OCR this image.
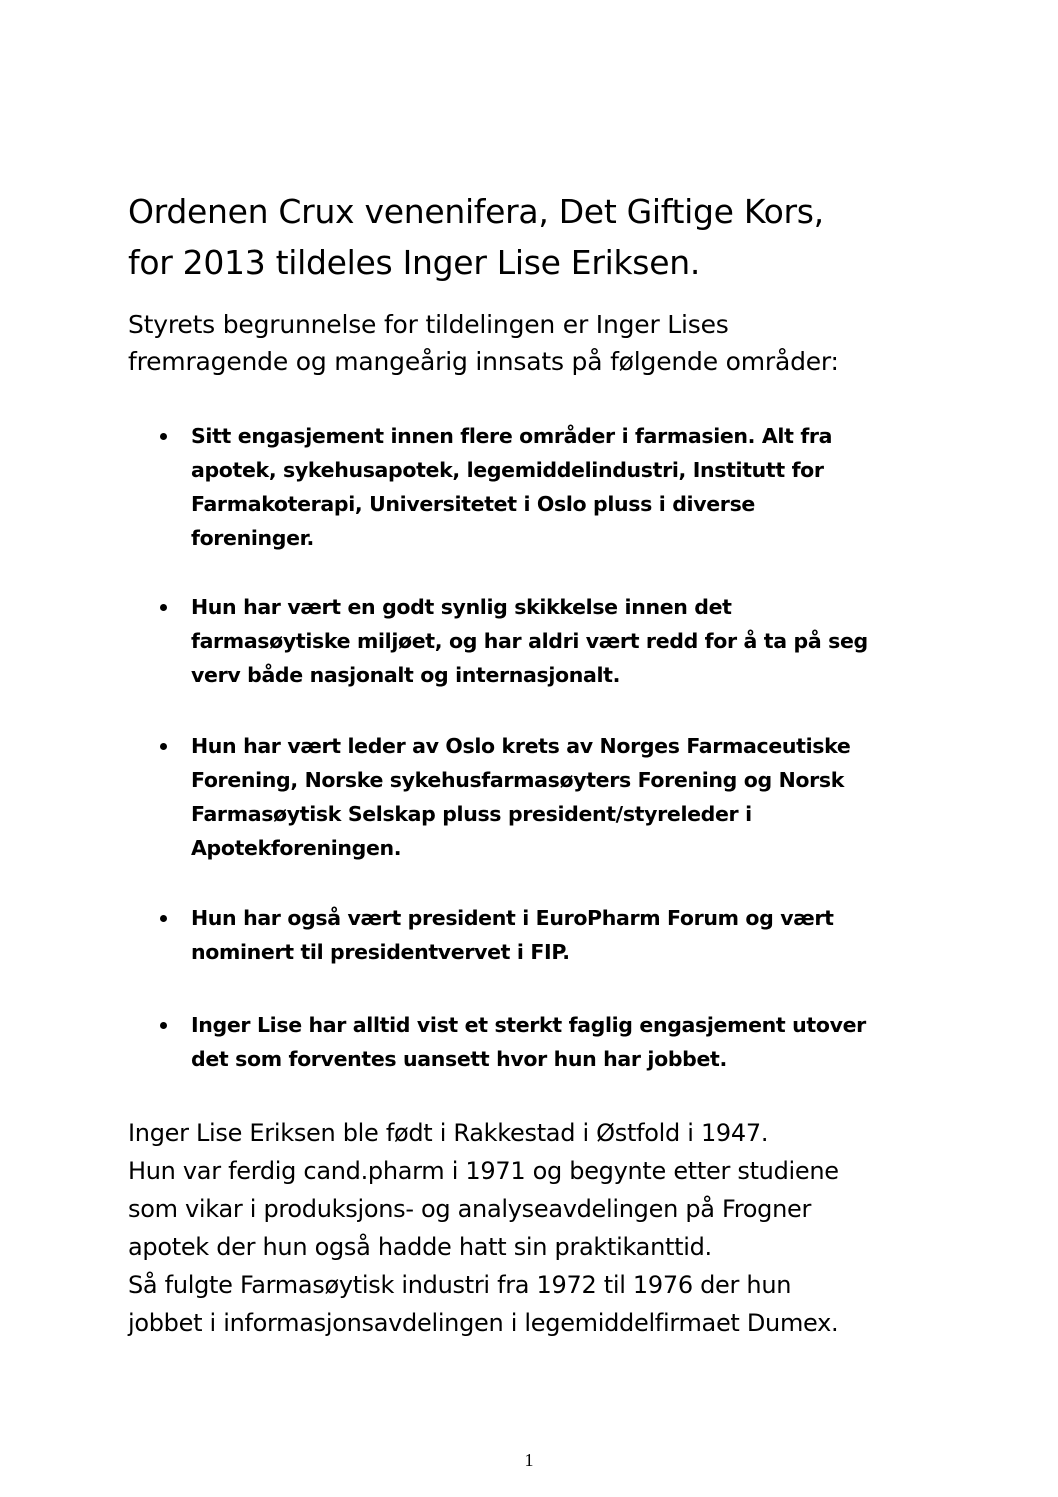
Ordenen Crux venenifera, Det Giftige Kors,
for 2013 tildeles Inger Lise Eriksen.

Styrets begrunnelse for tildelingen er Inger Lises
fremragende og mangeårig innsats på følgende områder:

Sitt engasjement innen flere områder i farmasien. Alt fra
apotek, sykehusapotek, legemiddelindustri, Institutt for
Farmakoterapi, Universitetet i Oslo pluss i diverse
foreninger.
Hun har vært en godt synlig skikkelse innen det
farmasøytiske miljøet, og har aldri vært redd for å ta på seg
verv både nasjonalt og internasjonalt.
Hun har vært leder av Oslo krets av Norges Farmaceutiske
Forening, Norske sykehusfarmasøyters Forening og Norsk
Farmasøytisk Selskap pluss president/styreleder i
Apotekforeningen.
Hun har også vært president i EuroPharm Forum og vært
nominert til presidentvervet i FIP.
Inger Lise har alltid vist et sterkt faglig engasjement utover
det som forventes uansett hvor hun har jobbet.

Inger Lise Eriksen ble født i Rakkestad i Østfold i 1947.
Hun var ferdig cand.pharm i 1971 og begynte etter studiene
som vikar i produksjons- og analyseavdelingen på Frogner
apotek der hun også hadde hatt sin praktikanttid.
Så fulgte Farmasøytisk industri fra 1972 til 1976 der hun
jobbet i informasjonsavdelingen i legemiddelfirmaet Dumex.

1
